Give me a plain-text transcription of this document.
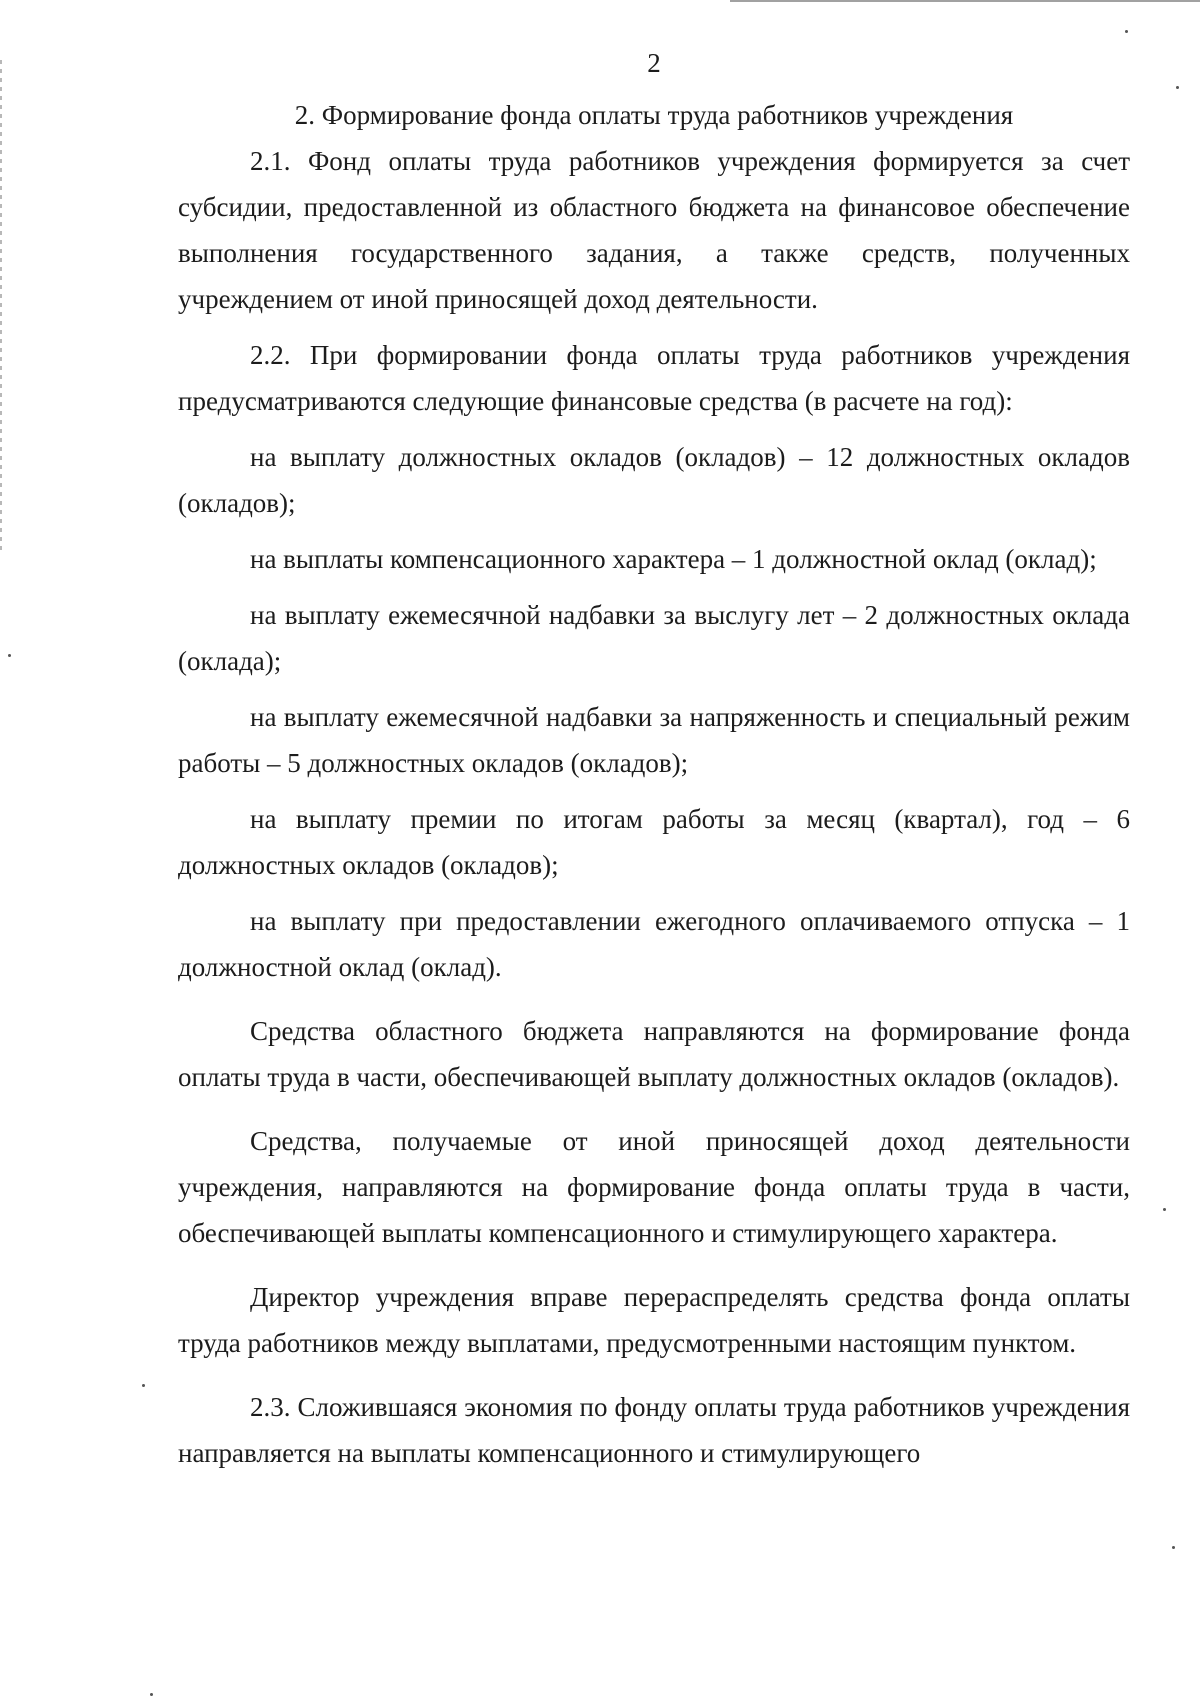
2
2. Формирование фонда оплаты труда работников учреждения

2.1. Фонд оплаты труда работников учреждения формируется за счет субсидии, предоставленной из областного бюджета на финансовое обеспечение выполнения государственного задания, а также средств, полученных учреждением от иной приносящей доход деятельности.

2.2. При формировании фонда оплаты труда работников учреждения предусматриваются следующие финансовые средства (в расчете на год):

на выплату должностных окладов (окладов) – 12 должностных окладов (окладов);

на выплаты компенсационного характера – 1 должностной оклад (оклад);

на выплату ежемесячной надбавки за выслугу лет – 2 должностных оклада (оклада);

на выплату ежемесячной надбавки за напряженность и специальный режим работы – 5 должностных окладов (окладов);

на выплату премии по итогам работы за месяц (квартал), год – 6 должностных окладов (окладов);

на выплату при предоставлении ежегодного оплачиваемого отпуска – 1 должностной оклад (оклад).

Средства областного бюджета направляются на формирование фонда оплаты труда в части, обеспечивающей выплату должностных окладов (окладов).

Средства, получаемые от иной приносящей доход деятельности учреждения, направляются на формирование фонда оплаты труда в части, обеспечивающей выплаты компенсационного и стимулирующего характера.

Директор учреждения вправе перераспределять средства фонда оплаты труда работников между выплатами, предусмотренными настоящим пунктом.

2.3. Сложившаяся экономия по фонду оплаты труда работников учреждения направляется на выплаты компенсационного и стимулирующего
